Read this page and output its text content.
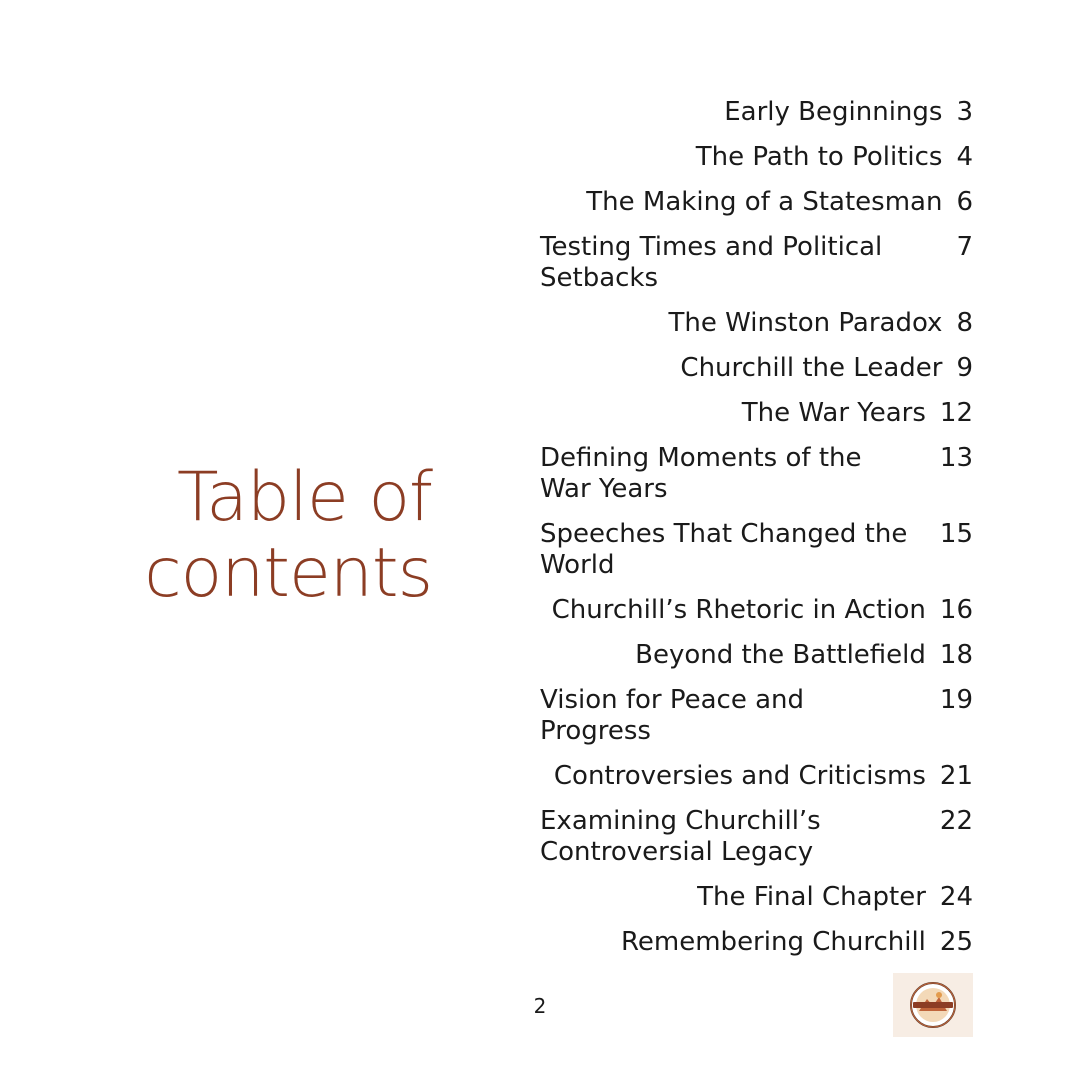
Table of
contents
Early Beginnings 3
The Path to Politics 4
The Making of a Statesman 6
Testing Times and Political Setbacks
7
The Winston Paradox 8
Churchill the Leader 9
The War Years 12
Defining Moments of the War Years
13
Speeches That Changed the World
15
Churchill’s Rhetoric in Action 16
Beyond the Battlefield 18
Vision for Peace and Progress
19
Controversies and Criticisms 21
Examining Churchill’s Controversial Legacy
22
The Final Chapter 24
Remembering Churchill 25
2
